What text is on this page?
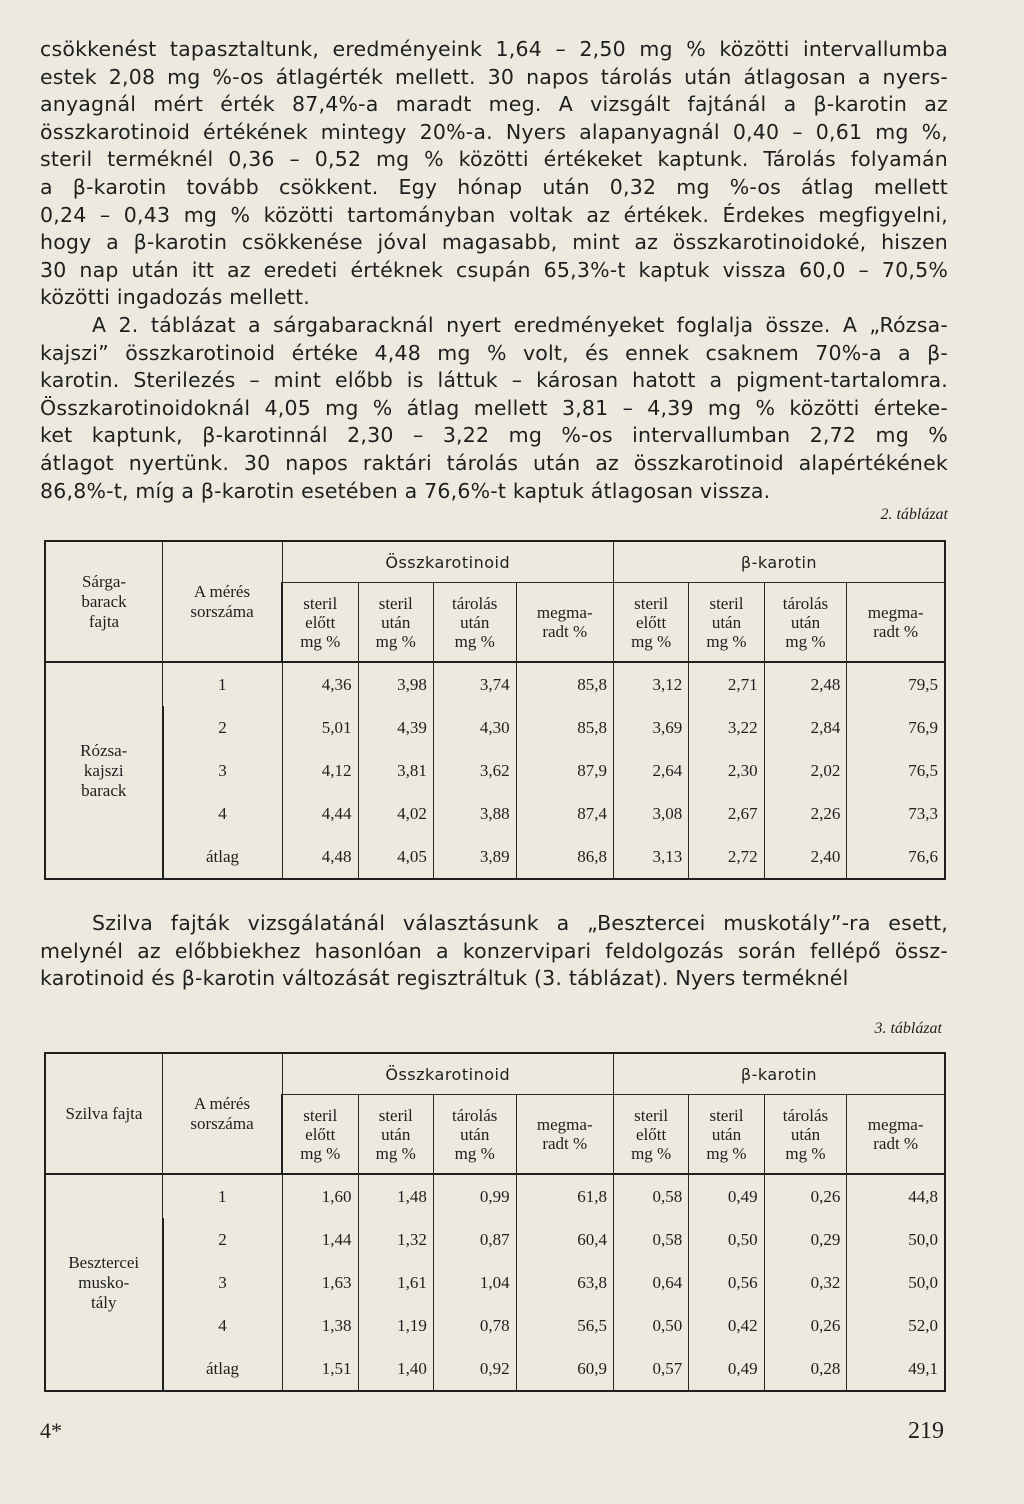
csökkenést tapasztaltunk, eredményeink 1,64 – 2,50 mg % közötti intervallumba
estek 2,08 mg %-os átlagérték mellett. 30 napos tárolás után átlagosan a nyers-
anyagnál mért érték 87,4%-a maradt meg. A vizsgált fajtánál a β-karotin az
összkarotinoid értékének mintegy 20%-a. Nyers alapanyagnál 0,40 – 0,61 mg %,
steril terméknél 0,36 – 0,52 mg % közötti értékeket kaptunk. Tárolás folyamán
a β-karotin tovább csökkent. Egy hónap után 0,32 mg %-os átlag mellett
0,24 – 0,43 mg % közötti tartományban voltak az értékek. Érdekes megfigyelni,
hogy a β-karotin csökkenése jóval magasabb, mint az összkarotinoidoké, hiszen
30 nap után itt az eredeti értéknek csupán 65,3%-t kaptuk vissza 60,0 – 70,5%
közötti ingadozás mellett.
A 2. táblázat a sárgabaracknál nyert eredményeket foglalja össze. A „Rózsa-
kajszi” összkarotinoid értéke 4,48 mg % volt, és ennek csaknem 70%-a a β-
karotin. Sterilezés – mint előbb is láttuk – károsan hatott a pigment-tartalomra.
Összkarotinoidoknál 4,05 mg % átlag mellett 3,81 – 4,39 mg % közötti érteke-
ket kaptunk, β-karotinnál 2,30 – 3,22 mg %-os intervallumban 2,72 mg %
átlagot nyertünk. 30 napos raktári tárolás után az összkarotinoid alapértékének
86,8%-t, míg a β-karotin esetében a 76,6%-t kaptuk átlagosan vissza.
2. táblázat
Sárga-
barack
fajta	A mérés
sorszáma	Összkarotinoid				β-karotin			
		steril
előtt
mg %	steril
után
mg %	tárolás
után
mg %	megma-
radt %	steril
előtt
mg %	steril
után
mg %	tárolás
után
mg %	megma-
radt %
Rózsa-
kajszi
barack	1	4,36	3,98	3,74	85,8	3,12	2,71	2,48	79,5
	2	5,01	4,39	4,30	85,8	3,69	3,22	2,84	76,9
	3	4,12	3,81	3,62	87,9	2,64	2,30	2,02	76,5
	4	4,44	4,02	3,88	87,4	3,08	2,67	2,26	73,3
	átlag	4,48	4,05	3,89	86,8	3,13	2,72	2,40	76,6
Szilva fajták vizsgálatánál választásunk a „Besztercei muskotály”-ra esett,
melynél az előbbiekhez hasonlóan a konzervipari feldolgozás során fellépő össz-
karotinoid és β-karotin változását regisztráltuk (3. táblázat). Nyers terméknél
3. táblázat
Szilva fajta	A mérés
sorszáma	Összkarotinoid				β-karotin			
		steril
előtt
mg %	steril
után
mg %	tárolás
után
mg %	megma-
radt %	steril
előtt
mg %	steril
után
mg %	tárolás
után
mg %	megma-
radt %
Besztercei
musko-
tály	1	1,60	1,48	0,99	61,8	0,58	0,49	0,26	44,8
	2	1,44	1,32	0,87	60,4	0,58	0,50	0,29	50,0
	3	1,63	1,61	1,04	63,8	0,64	0,56	0,32	50,0
	4	1,38	1,19	0,78	56,5	0,50	0,42	0,26	52,0
	átlag	1,51	1,40	0,92	60,9	0,57	0,49	0,28	49,1
4*	219
